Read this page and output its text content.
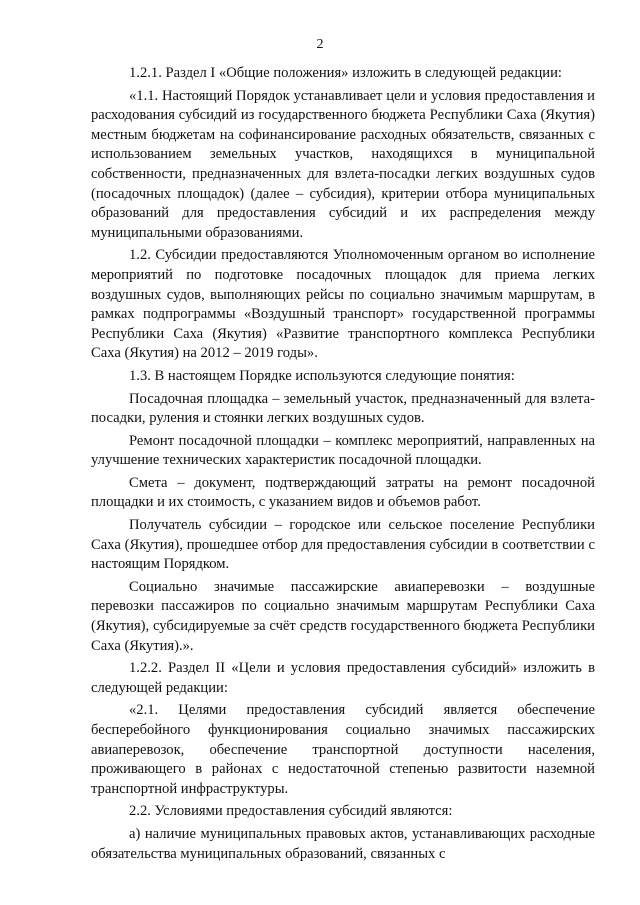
2

1.2.1. Раздел I «Общие положения» изложить в следующей редакции:

«1.1. Настоящий Порядок устанавливает цели и условия предоставления и расходования субсидий из государственного бюджета Республики Саха (Якутия) местным бюджетам на софинансирование расходных обязательств, связанных с использованием земельных участков, находящихся в муниципальной собственности, предназначенных для взлета-посадки легких воздушных судов (посадочных площадок) (далее – субсидия), критерии отбора муниципальных образований для предоставления субсидий и их распределения между муниципальными образованиями.

1.2. Субсидии предоставляются Уполномоченным органом во исполнение мероприятий по подготовке посадочных площадок для приема легких воздушных судов, выполняющих рейсы по социально значимым маршрутам, в рамках подпрограммы «Воздушный транспорт» государственной программы Республики Саха (Якутия) «Развитие транспортного комплекса Республики Саха (Якутия) на 2012 – 2019 годы».

1.3. В настоящем Порядке используются следующие понятия:

Посадочная площадка – земельный участок, предназначенный для взлета-посадки, руления и стоянки легких воздушных судов.

Ремонт посадочной площадки – комплекс мероприятий, направленных на улучшение технических характеристик посадочной площадки.

Смета – документ, подтверждающий затраты на ремонт посадочной площадки и их стоимость, с указанием видов и объемов работ.

Получатель субсидии – городское или сельское поселение Республики Саха (Якутия), прошедшее отбор для предоставления субсидии в соответствии с настоящим Порядком.

Социально значимые пассажирские авиаперевозки – воздушные перевозки пассажиров по социально значимым маршрутам Республики Саха (Якутия), субсидируемые за счёт средств государственного бюджета Республики Саха (Якутия).».

1.2.2. Раздел II «Цели и условия предоставления субсидий» изложить в следующей редакции:

«2.1. Целями предоставления субсидий является обеспечение бесперебойного функционирования социально значимых пассажирских авиаперевозок, обеспечение транспортной доступности населения, проживающего в районах с недостаточной степенью развитости наземной транспортной инфраструктуры.

2.2. Условиями предоставления субсидий являются:

а) наличие муниципальных правовых актов, устанавливающих расходные обязательства муниципальных образований, связанных с
